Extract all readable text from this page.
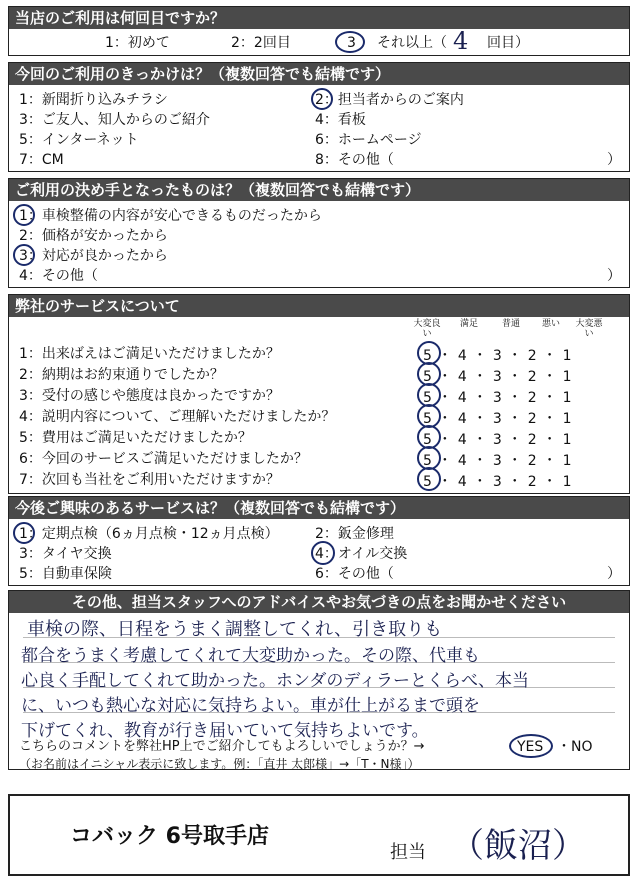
当店のご利用は何回目ですか？
1：初めて	2：2回目	3 それ以上（ 4 回目）
今回のご利用のきっかけは？（複数回答でも結構です）
1：新聞折り込みチラシ	2：担当者からのご案内
3：ご友人、知人からのご紹介	4：看板
5：インターネット	6：ホームページ
7：CM	8：その他（	）
ご利用の決め手となったものは？（複数回答でも結構です）
1：車検整備の内容が安心できるものだったから
2：価格が安かったから
3：対応が良かったから
4：その他（	）
弊社のサービスについて
大変良い
満足	普通	悪い	大変悪い
1：出来ばえはご満足いただけましたか？	5・4・3・2・1
2：納期はお約束通りでしたか？	5・4・3・2・1
3：受付の感じや態度は良かったですか？	5・4・3・2・1
4：説明内容について、ご理解いただけましたか？	5・4・3・2・1
5：費用はご満足いただけましたか？	5・4・3・2・1
6：今回のサービスご満足いただけましたか？	5・4・3・2・1
7：次回も当社をご利用いただけますか？	5・4・3・2・1
今後ご興味のあるサービスは？（複数回答でも結構です）
1：定期点検（6ヵ月点検・12ヵ月点検）	2：鈑金修理
3：タイヤ交換	4：オイル交換
5：自動車保険	6：その他（	）
その他、担当スタッフへのアドバイスやお気づきの点をお聞かせください
車検の際、日程をうまく調整してくれ、引き取りも
都合をうまく考慮してくれて大変助かった。その際、代車も
心良く手配してくれて助かった。ホンダのディラーとくらべ、本当
に、いつも熱心な対応に気持ちよい。車が仕上がるまで頭を
下げてくれ、教育が行き届いていて気持ちよいです。
こちらのコメントを弊社HP上でご紹介してもよろしいでしょうか？→	YES ・NO
（お名前はイニシャル表示に致します。例：「直井 太郎様」→「T・N様」）
コバック 6号取手店
担当 （飯沼）
